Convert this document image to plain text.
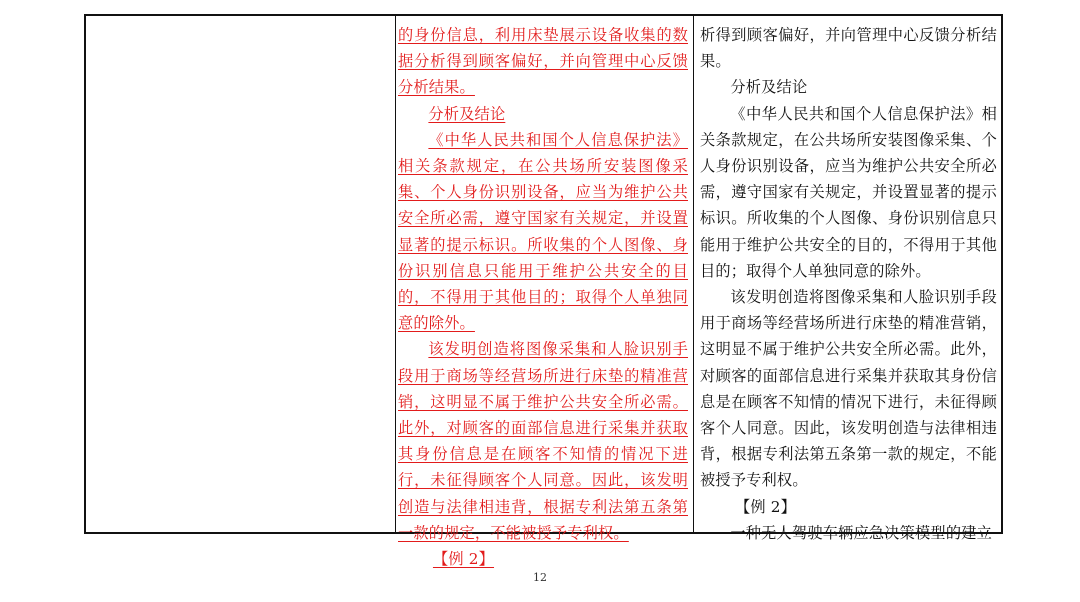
的身份信息，利用床垫展示设备收集的数据分析得到顾客偏好，并向管理中心反馈分析结果。

分析及结论

《中华人民共和国个人信息保护法》相关条款规定，在公共场所安装图像采集、个人身份识别设备，应当为维护公共安全所必需，遵守国家有关规定，并设置显著的提示标识。所收集的个人图像、身份识别信息只能用于维护公共安全的目的，不得用于其他目的；取得个人单独同意的除外。

该发明创造将图像采集和人脸识别手段用于商场等经营场所进行床垫的精准营销，这明显不属于维护公共安全所必需。此外，对顾客的面部信息进行采集并获取其身份信息是在顾客不知情的情况下进行，未征得顾客个人同意。因此，该发明创造与法律相违背，根据专利法第五条第一款的规定，不能被授予专利权。

【例 2】

析得到顾客偏好，并向管理中心反馈分析结果。

分析及结论

《中华人民共和国个人信息保护法》相关条款规定，在公共场所安装图像采集、个人身份识别设备，应当为维护公共安全所必需，遵守国家有关规定，并设置显著的提示标识。所收集的个人图像、身份识别信息只能用于维护公共安全的目的，不得用于其他目的；取得个人单独同意的除外。

该发明创造将图像采集和人脸识别手段用于商场等经营场所进行床垫的精准营销，这明显不属于维护公共安全所必需。此外，对顾客的面部信息进行采集并获取其身份信息是在顾客不知情的情况下进行，未征得顾客个人同意。因此，该发明创造与法律相违背，根据专利法第五条第一款的规定，不能被授予专利权。

【例 2】

一种无人驾驶车辆应急决策模型的建立

12
